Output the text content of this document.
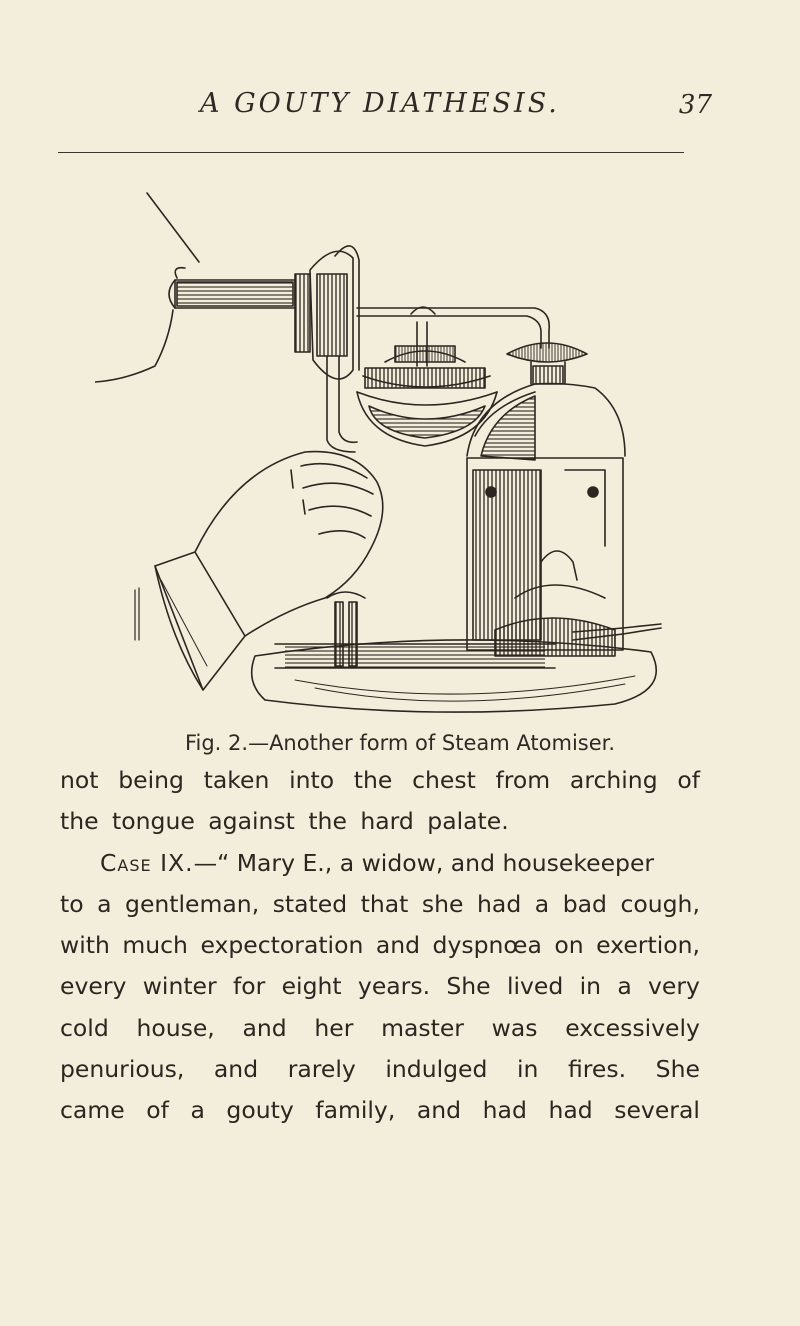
A GOUTY DIATHESIS.	37
Fig. 2.—Another form of Steam Atomiser.
not being taken into the chest from arching of
the tongue against the hard palate.
Case IX.—“ Mary E., a widow, and housekeeper
to a gentleman, stated that she had a bad cough,
with much expectoration and dyspnœa on exertion,
every winter for eight years. She lived in a very
cold house, and her master was excessively
penurious, and rarely indulged in fires. She
came of a gouty family, and had had several
